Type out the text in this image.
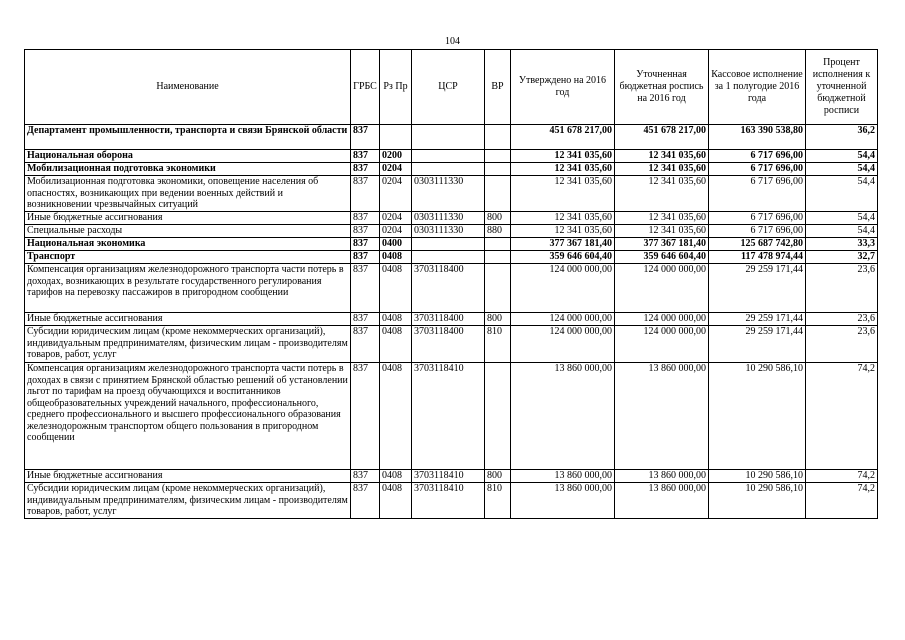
104
Наименование	ГРБС	Рз Пр	ЦСР	ВР	Утверждено на 2016 год	Уточненная бюджетная роспись на 2016 год	Кассовое исполнение за 1 полугодие 2016 года	Процент исполнения к уточненной бюджетной росписи
Департамент промышленности, транспорта и связи Брянской области	837				451 678 217,00	451 678 217,00	163 390 538,80	36,2
Национальная оборона	837	0200			12 341 035,60	12 341 035,60	6 717 696,00	54,4
Мобилизационная подготовка экономики	837	0204			12 341 035,60	12 341 035,60	6 717 696,00	54,4
Мобилизационная подготовка экономики, оповещение населения об опасностях, возникающих при ведении военных действий и возникновении чрезвычайных ситуаций	837	0204	0303111330		12 341 035,60	12 341 035,60	6 717 696,00	54,4
Иные бюджетные ассигнования	837	0204	0303111330	800	12 341 035,60	12 341 035,60	6 717 696,00	54,4
Специальные расходы	837	0204	0303111330	880	12 341 035,60	12 341 035,60	6 717 696,00	54,4
Национальная экономика	837	0400			377 367 181,40	377 367 181,40	125 687 742,80	33,3
Транспорт	837	0408			359 646 604,40	359 646 604,40	117 478 974,44	32,7
Компенсация организациям железнодорожного транспорта части потерь в доходах, возникающих в результате государственного регулирования тарифов на перевозку пассажиров в пригородном сообщении	837	0408	3703118400		124 000 000,00	124 000 000,00	29 259 171,44	23,6
Иные бюджетные ассигнования	837	0408	3703118400	800	124 000 000,00	124 000 000,00	29 259 171,44	23,6
Субсидии юридическим лицам (кроме некоммерческих организаций), индивидуальным предпринимателям, физическим лицам - производителям товаров, работ, услуг	837	0408	3703118400	810	124 000 000,00	124 000 000,00	29 259 171,44	23,6
Компенсация организациям железнодорожного транспорта части потерь в доходах в связи с принятием Брянской областью решений об установлении льгот по тарифам на проезд обучающихся и воспитанников общеобразовательных учреждений начального, профессионального, среднего профессионального и высшего профессионального образования железнодорожным транспортом общего пользования в пригородном сообщении	837	0408	3703118410		13 860 000,00	13 860 000,00	10 290 586,10	74,2
Иные бюджетные ассигнования	837	0408	3703118410	800	13 860 000,00	13 860 000,00	10 290 586,10	74,2
Субсидии юридическим лицам (кроме некоммерческих организаций), индивидуальным предпринимателям, физическим лицам - производителям товаров, работ, услуг	837	0408	3703118410	810	13 860 000,00	13 860 000,00	10 290 586,10	74,2
